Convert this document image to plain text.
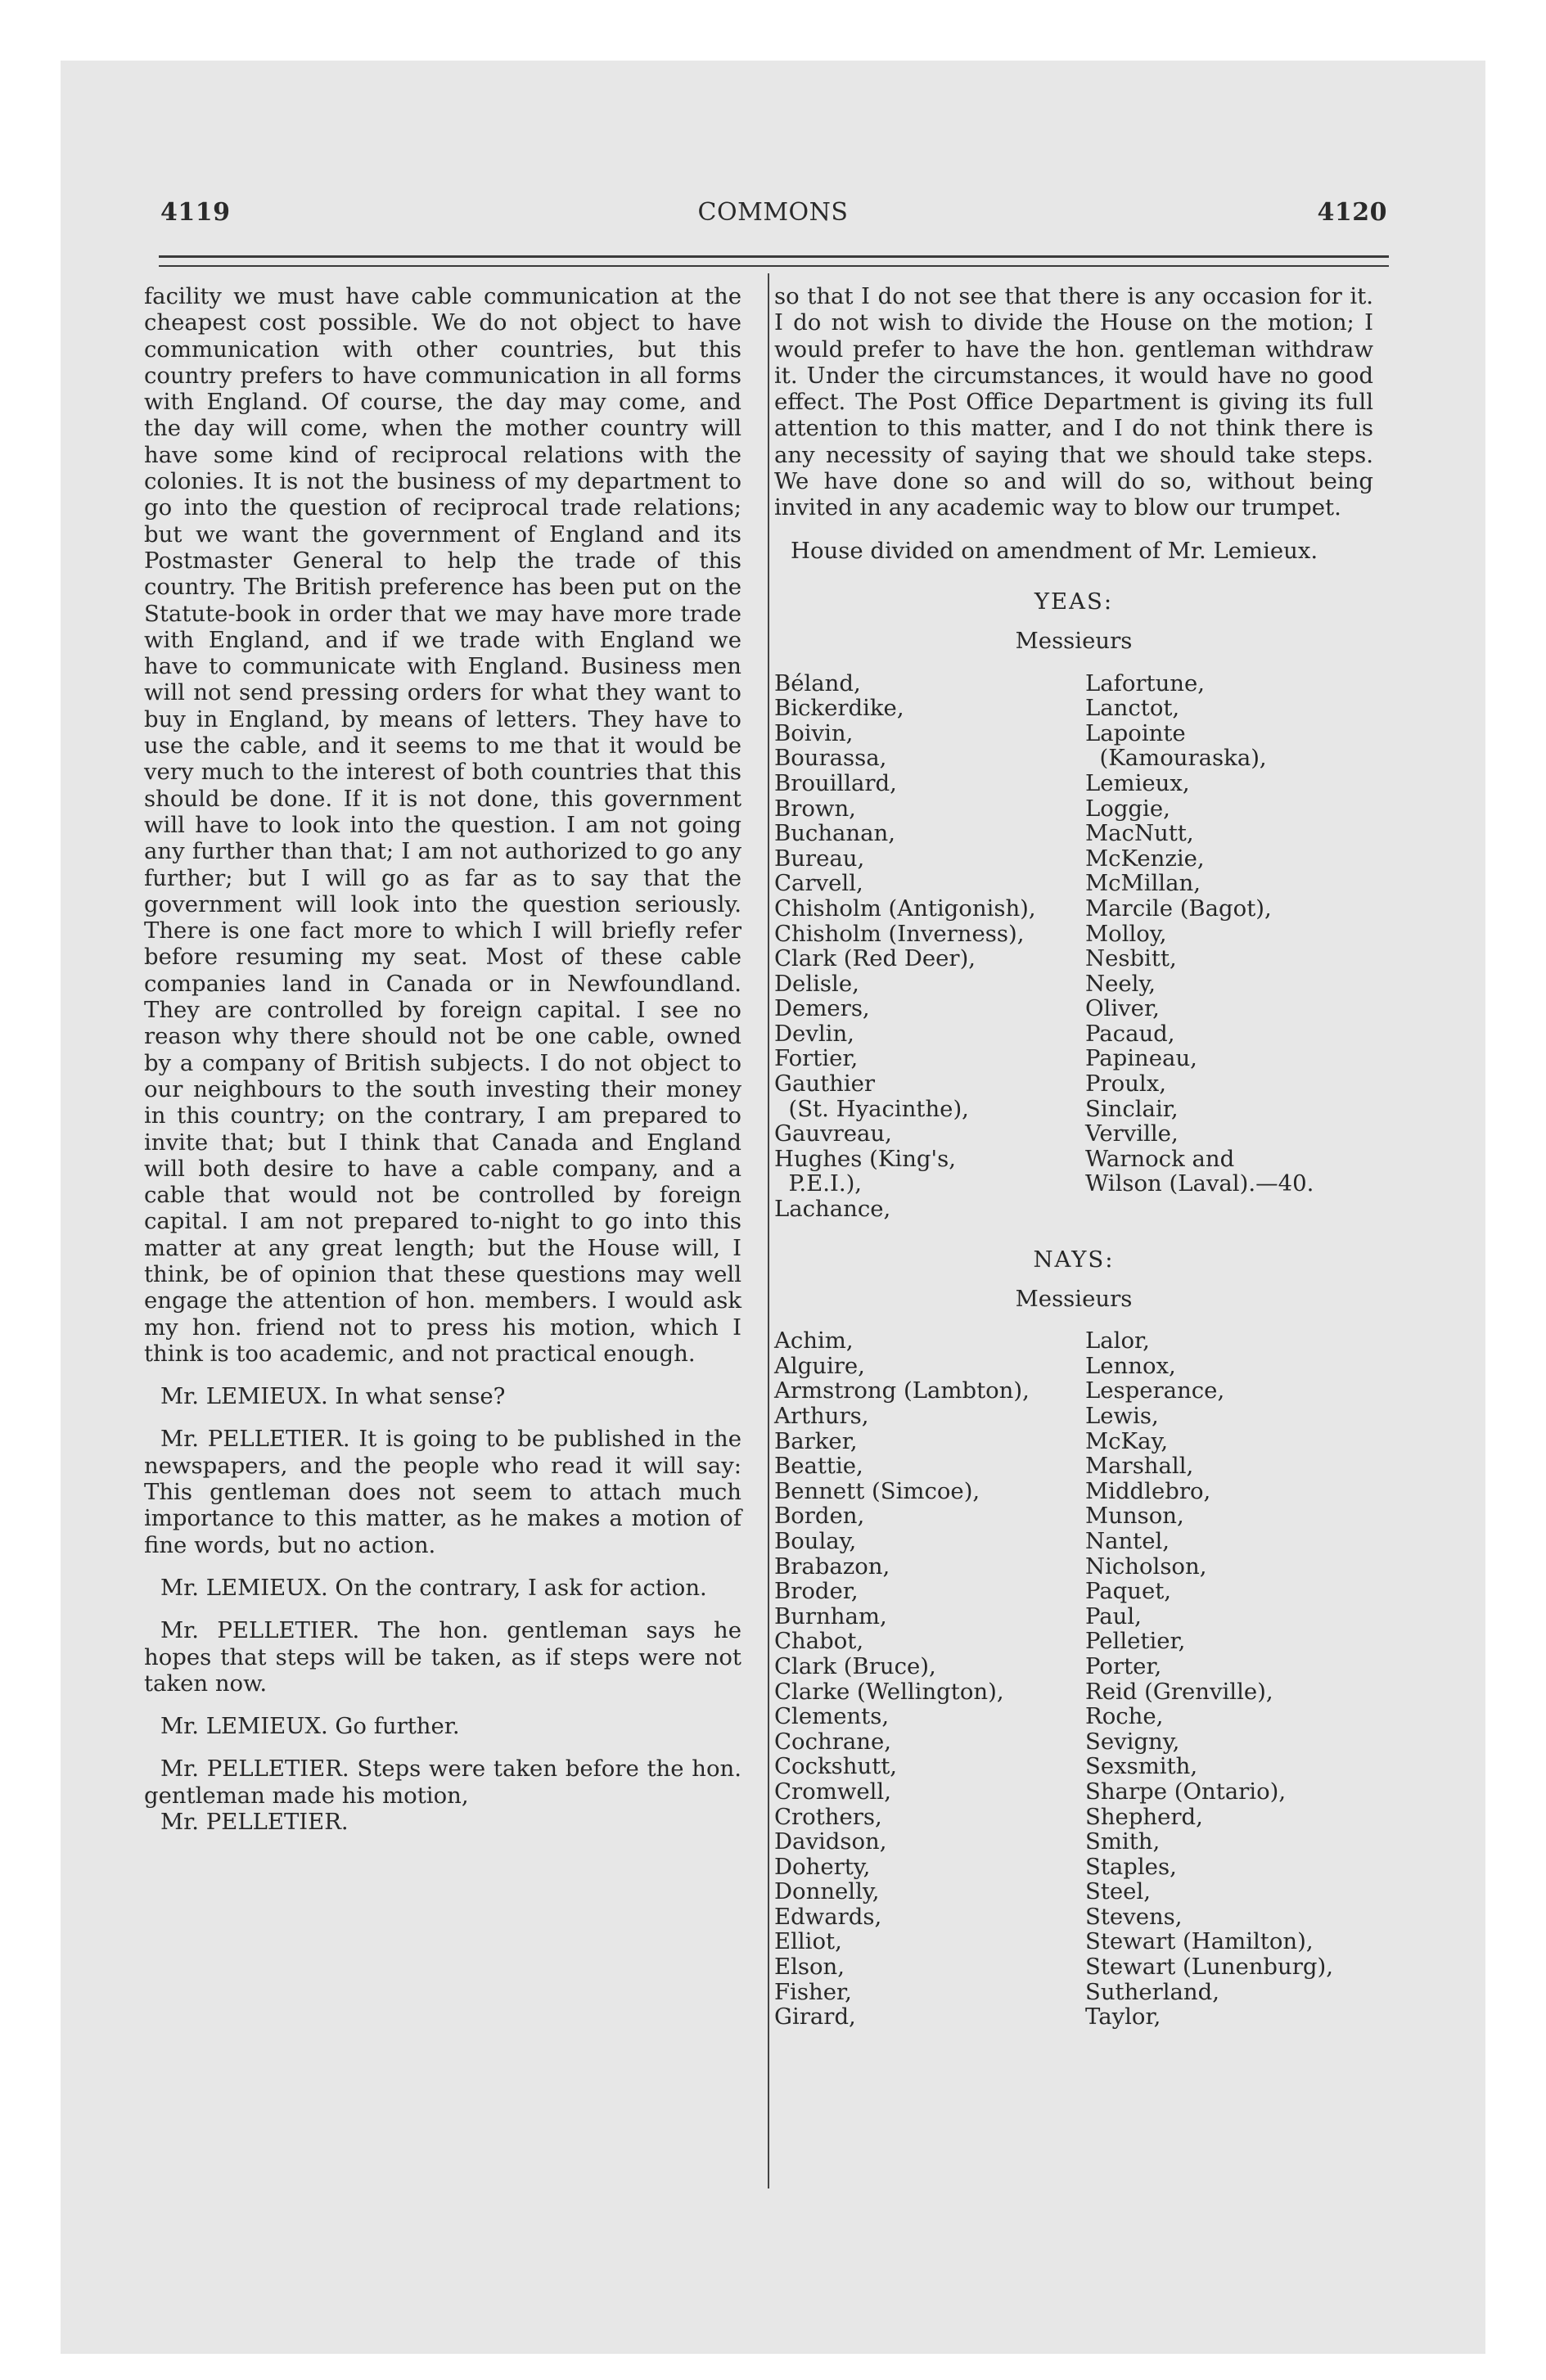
4119	COMMONS	4120

facility we must have cable communication at the cheapest cost possible. We do not object to have communication with other countries, but this country prefers to have communication in all forms with England. Of course, the day may come, and the day will come, when the mother country will have some kind of reciprocal relations with the colonies. It is not the business of my department to go into the question of reciprocal trade relations; but we want the government of England and its Postmaster General to help the trade of this country. The British preference has been put on the Statute-book in order that we may have more trade with England, and if we trade with England we have to communicate with England. Business men will not send pressing orders for what they want to buy in England, by means of letters. They have to use the cable, and it seems to me that it would be very much to the interest of both countries that this should be done. If it is not done, this government will have to look into the question. I am not going any further than that; I am not authorized to go any further; but I will go as far as to say that the government will look into the question seriously. There is one fact more to which I will briefly refer before resuming my seat. Most of these cable companies land in Canada or in Newfoundland. They are controlled by foreign capital. I see no reason why there should not be one cable, owned by a company of British subjects. I do not object to our neighbours to the south investing their money in this country; on the contrary, I am prepared to invite that; but I think that Canada and England will both desire to have a cable company, and a cable that would not be controlled by foreign capital. I am not prepared to-night to go into this matter at any great length; but the House will, I think, be of opinion that these questions may well engage the attention of hon. members. I would ask my hon. friend not to press his motion, which I think is too academic, and not practical enough.

Mr. LEMIEUX. In what sense?

Mr. PELLETIER. It is going to be published in the newspapers, and the people who read it will say: This gentleman does not seem to attach much importance to this matter, as he makes a motion of fine words, but no action.

Mr. LEMIEUX. On the contrary, I ask for action.

Mr. PELLETIER. The hon. gentleman says he hopes that steps will be taken, as if steps were not taken now.

Mr. LEMIEUX. Go further.

Mr. PELLETIER. Steps were taken before the hon. gentleman made his motion,

Mr. PELLETIER.

so that I do not see that there is any occasion for it. I do not wish to divide the House on the motion; I would prefer to have the hon. gentleman withdraw it. Under the circumstances, it would have no good effect. The Post Office Department is giving its full attention to this matter, and I do not think there is any necessity of saying that we should take steps. We have done so and will do so, without being invited in any academic way to blow our trumpet.

House divided on amendment of Mr. Lemieux.

YEAS:

Messieurs

Béland,	Lafortune,
Bickerdike,	Lanctot,
Boivin,	Lapointe
Bourassa,	(Kamouraska),
Brouillard,	Lemieux,
Brown,	Loggie,
Buchanan,	MacNutt,
Bureau,	McKenzie,
Carvell,	McMillan,
Chisholm (Antigonish),	Marcile (Bagot),
Chisholm (Inverness),	Molloy,
Clark (Red Deer),	Nesbitt,
Delisle,	Neely,
Demers,	Oliver,
Devlin,	Pacaud,
Fortier,	Papineau,
Gauthier	Proulx,
(St. Hyacinthe),	Sinclair,
Gauvreau,	Verville,
Hughes (King's,	Warnock and
P.E.I.),	Wilson (Laval).—40.
Lachance,

NAYS:

Messieurs

Achim,	Lalor,
Alguire,	Lennox,
Armstrong (Lambton),	Lesperance,
Arthurs,	Lewis,
Barker,	McKay,
Beattie,	Marshall,
Bennett (Simcoe),	Middlebro,
Borden,	Munson,
Boulay,	Nantel,
Brabazon,	Nicholson,
Broder,	Paquet,
Burnham,	Paul,
Chabot,	Pelletier,
Clark (Bruce),	Porter,
Clarke (Wellington),	Reid (Grenville),
Clements,	Roche,
Cochrane,	Sevigny,
Cockshutt,	Sexsmith,
Cromwell,	Sharpe (Ontario),
Crothers,	Shepherd,
Davidson,	Smith,
Doherty,	Staples,
Donnelly,	Steel,
Edwards,	Stevens,
Elliot,	Stewart (Hamilton),
Elson,	Stewart (Lunenburg),
Fisher,	Sutherland,
Girard,	Taylor,
